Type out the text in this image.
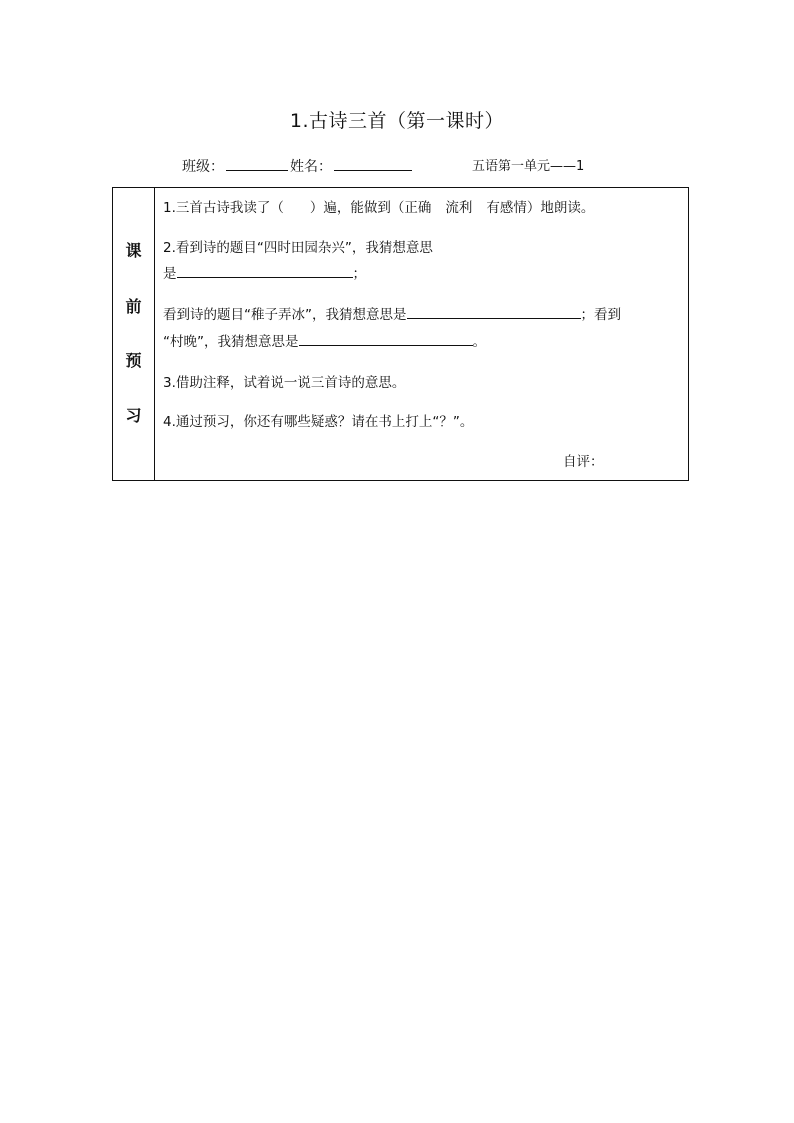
1.古诗三首（第一课时）
班级：	姓名：	五语第一单元——1
课
前
预
习
1.三首古诗我读了（ ）遍，能做到（正确 流利 有感情）地朗读。
2.看到诗的题目“四时田园杂兴”，我猜想意思
是	；
看到诗的题目“稚子弄冰”，我猜想意思是	；看到
“村晚”，我猜想意思是	。
3.借助注释，试着说一说三首诗的意思。
4.通过预习，你还有哪些疑惑？请在书上打上“？”。
自评：
